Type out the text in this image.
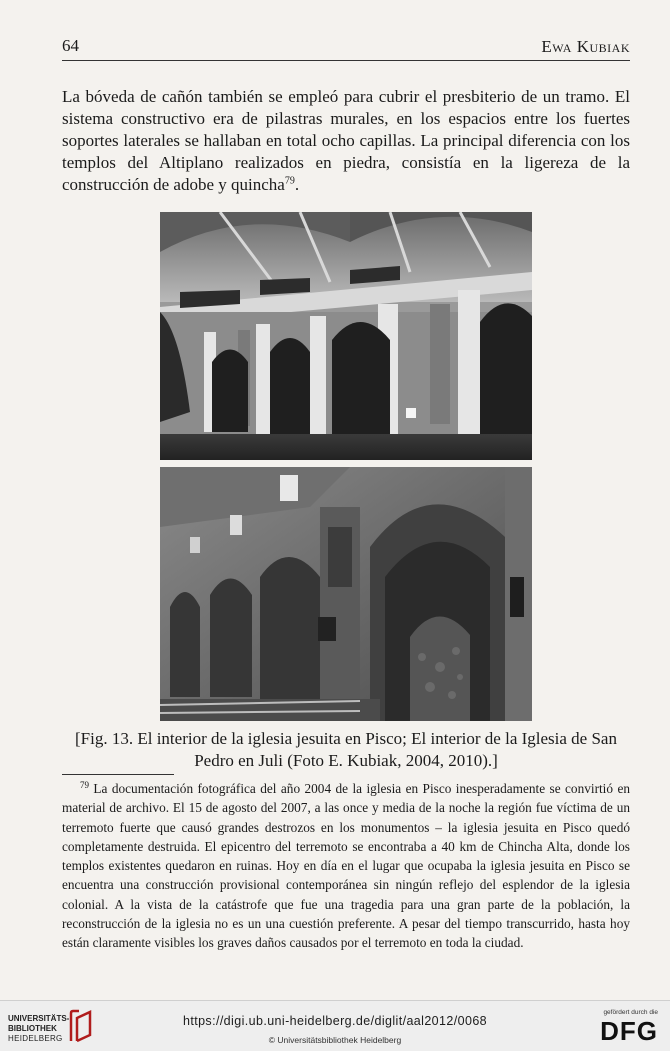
64	Ewa Kubiak

La bóveda de cañón también se empleó para cubrir el presbiterio de un tramo. El sistema constructivo era de pilastras murales, en los espacios entre los fuertes soportes laterales se hallaban en total ocho capillas. La principal diferencia con los templos del Altiplano realizados en piedra, consistía en la ligereza de la construcción de adobe y quincha$^{79}$.

[Fig. 13. El interior de la iglesia jesuita en Pisco; El interior de la Iglesia de San Pedro en Juli (Foto E. Kubiak, 2004, 2010).]

$^{79}$ La documentación fotográfica del año 2004 de la iglesia en Pisco inesperadamente se convirtió en material de archivo. El 15 de agosto del 2007, a las once y media de la noche la región fue víctima de un terremoto fuerte que causó grandes destrozos en los monumentos – la iglesia jesuita en Pisco quedó completamente destruida. El epicentro del terremoto se encontraba a 40 km de Chincha Alta, donde los templos existentes quedaron en ruinas. Hoy en día en el lugar que ocupaba la iglesia jesuita en Pisco se encuentra una construcción provisional contemporánea sin ningún reflejo del esplendor de la iglesia colonial. A la vista de la catástrofe que fue una tragedia para una gran parte de la población, la reconstrucción de la iglesia no es un una cuestión preferente. A pesar del tiempo transcurrido, hasta hoy están claramente visibles los graves daños causados por el terremoto en toda la ciudad.

UNIVERSITÄTS-
BIBLIOTHEK
HEIDELBERG
https://digi.ub.uni-heidelberg.de/diglit/aal2012/0068
© Universitätsbibliothek Heidelberg
gefördert durch die
DFG
